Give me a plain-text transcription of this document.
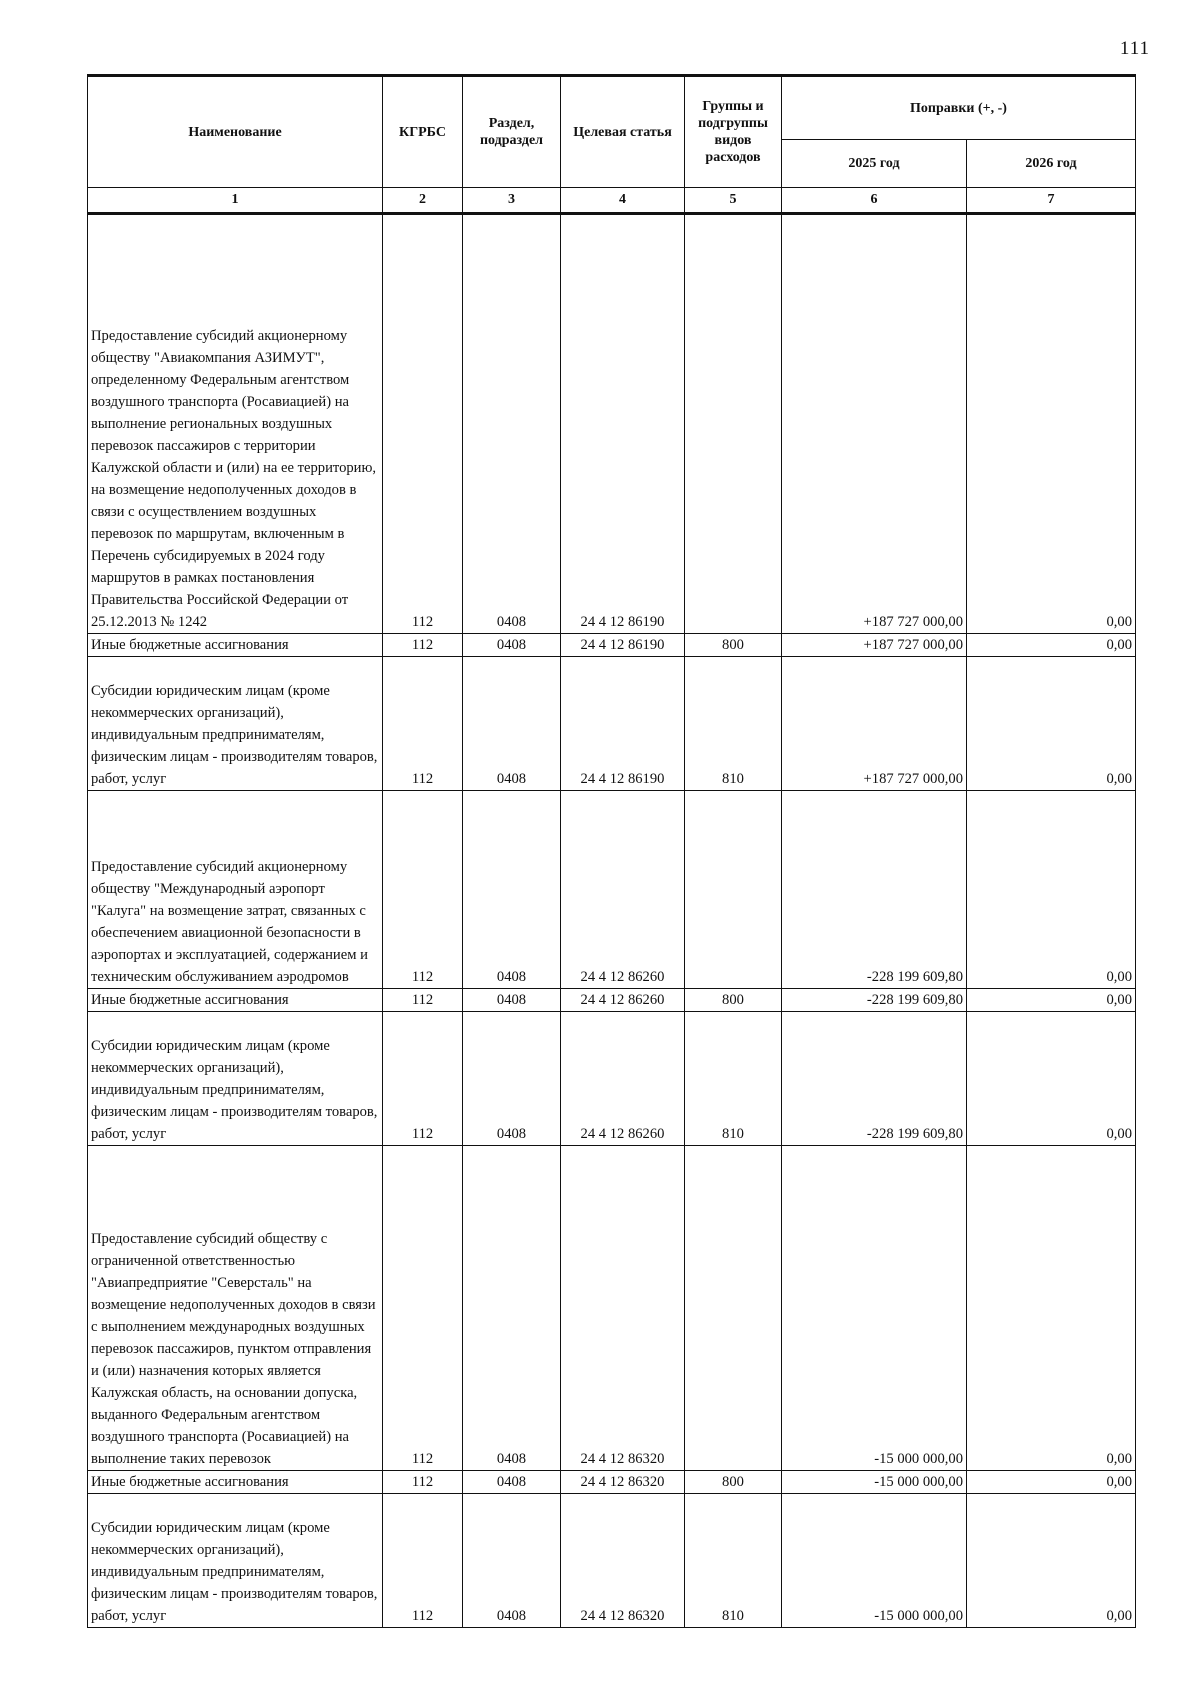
111
Наименование	КГРБС	Раздел, подраздел	Целевая статья	Группы и подгруппы видов расходов	Поправки (+, -)	
					2025 год	2026 год
1	2	3	4	5	6	7
Предоставление субсидий акционерному обществу "Авиакомпания АЗИМУТ", определенному Федеральным агентством воздушного транспорта (Росавиацией) на выполнение региональных воздушных перевозок пассажиров с территории Калужской области и (или) на ее территорию, на возмещение недополученных доходов в связи с осуществлением воздушных перевозок по маршрутам, включенным в Перечень субсидируемых в 2024 году маршрутов в рамках постановления Правительства Российской Федерации от 25.12.2013 № 1242	112	0408	24 4 12 86190		+187 727 000,00	0,00
Иные бюджетные ассигнования	112	0408	24 4 12 86190	800	+187 727 000,00	0,00
Субсидии юридическим лицам (кроме некоммерческих организаций), индивидуальным предпринимателям, физическим лицам - производителям товаров, работ, услуг	112	0408	24 4 12 86190	810	+187 727 000,00	0,00
Предоставление субсидий акционерному обществу "Международный аэропорт "Калуга" на возмещение затрат, связанных с обеспечением авиационной безопасности в аэропортах и эксплуатацией, содержанием и техническим обслуживанием аэродромов	112	0408	24 4 12 86260		-228 199 609,80	0,00
Иные бюджетные ассигнования	112	0408	24 4 12 86260	800	-228 199 609,80	0,00
Субсидии юридическим лицам (кроме некоммерческих организаций), индивидуальным предпринимателям, физическим лицам - производителям товаров, работ, услуг	112	0408	24 4 12 86260	810	-228 199 609,80	0,00
Предоставление субсидий обществу с ограниченной ответственностью "Авиапредприятие "Северсталь" на возмещение недополученных доходов в связи с выполнением международных воздушных перевозок пассажиров, пунктом отправления и (или) назначения которых является Калужская область, на основании допуска, выданного Федеральным агентством воздушного транспорта (Росавиацией) на выполнение таких перевозок	112	0408	24 4 12 86320		-15 000 000,00	0,00
Иные бюджетные ассигнования	112	0408	24 4 12 86320	800	-15 000 000,00	0,00
Субсидии юридическим лицам (кроме некоммерческих организаций), индивидуальным предпринимателям, физическим лицам - производителям товаров, работ, услуг	112	0408	24 4 12 86320	810	-15 000 000,00	0,00
